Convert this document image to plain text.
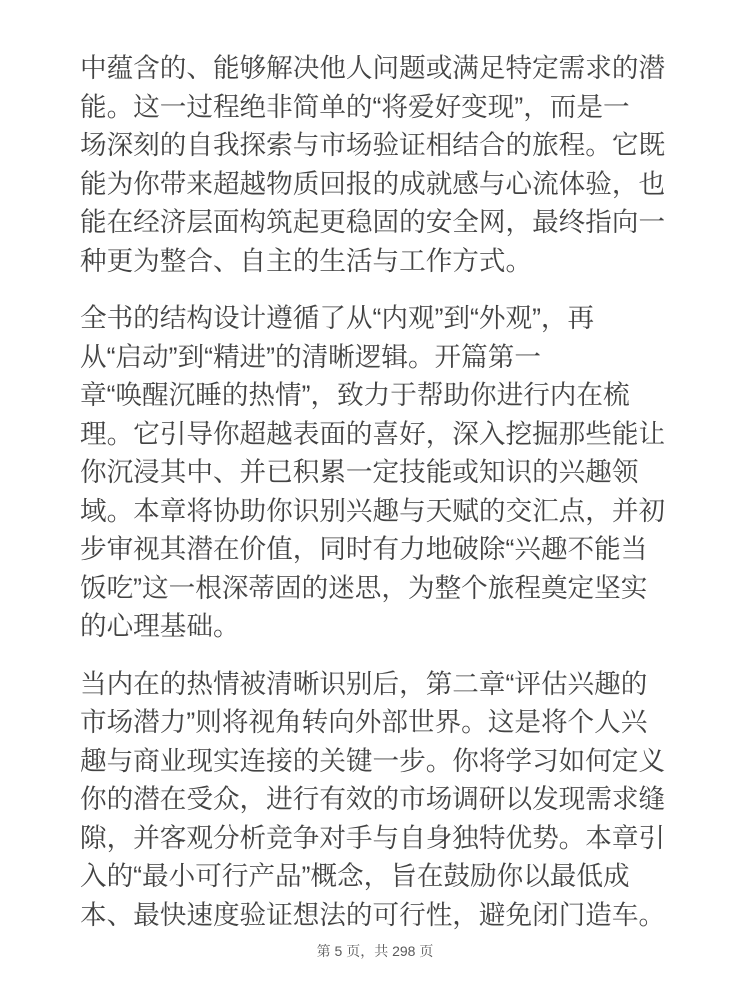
中蕴含的、能够解决他人问题或满足特定需求的潜
能。这一过程绝非简单的“将爱好变现”，而是一
场深刻的自我探索与市场验证相结合的旅程。它既
能为你带来超越物质回报的成就感与心流体验，也
能在经济层面构筑起更稳固的安全网，最终指向一
种更为整合、自主的生活与工作方式。
全书的结构设计遵循了从“内观”到“外观”，再
从“启动”到“精进”的清晰逻辑。开篇第一
章“唤醒沉睡的热情”，致力于帮助你进行内在梳
理。它引导你超越表面的喜好，深入挖掘那些能让
你沉浸其中、并已积累一定技能或知识的兴趣领
域。本章将协助你识别兴趣与天赋的交汇点，并初
步审视其潜在价值，同时有力地破除“兴趣不能当
饭吃”这一根深蒂固的迷思，为整个旅程奠定坚实
的心理基础。
当内在的热情被清晰识别后，第二章“评估兴趣的
市场潜力”则将视角转向外部世界。这是将个人兴
趣与商业现实连接的关键一步。你将学习如何定义
你的潜在受众，进行有效的市场调研以发现需求缝
隙，并客观分析竞争对手与自身独特优势。本章引
入的“最小可行产品”概念，旨在鼓励你以最低成
本、最快速度验证想法的可行性，避免闭门造车。
第 5 页，共 298 页
